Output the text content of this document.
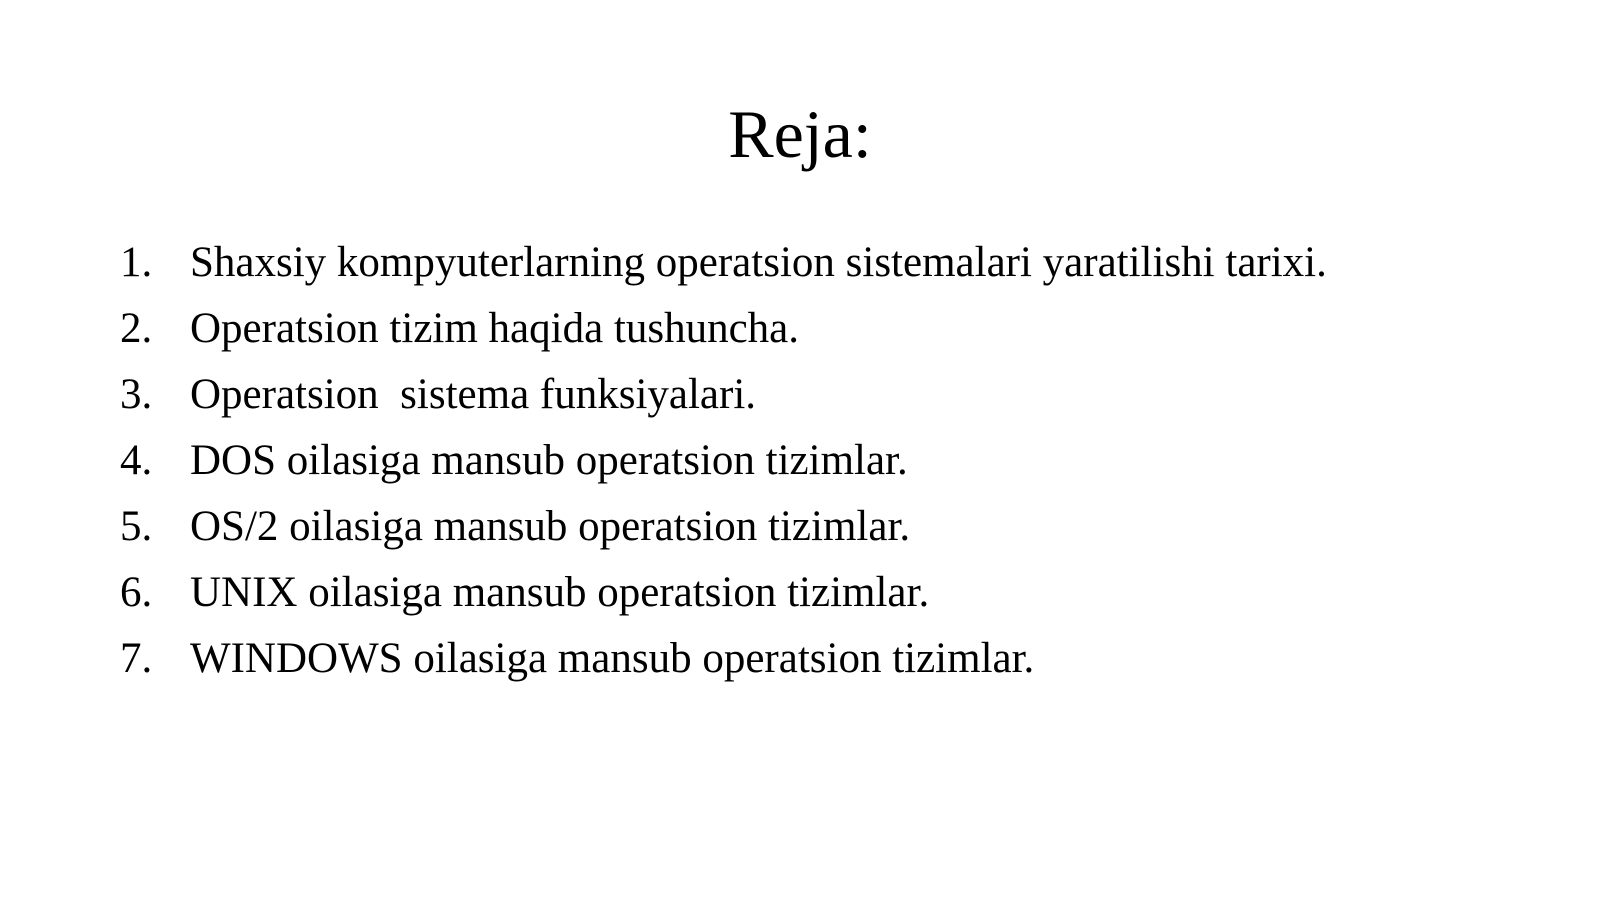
Reja:
1. Shaxsiy kompyuterlarning operatsion sistemalari yaratilishi tarixi.
2. Operatsion tizim haqida tushuncha.
3. Operatsion  sistema funksiyalari.
4. DOS oilasiga mansub operatsion tizimlar.
5. OS/2 oilasiga mansub operatsion tizimlar.
6. UNIX oilasiga mansub operatsion tizimlar.
7. WINDOWS oilasiga mansub operatsion tizimlar.
